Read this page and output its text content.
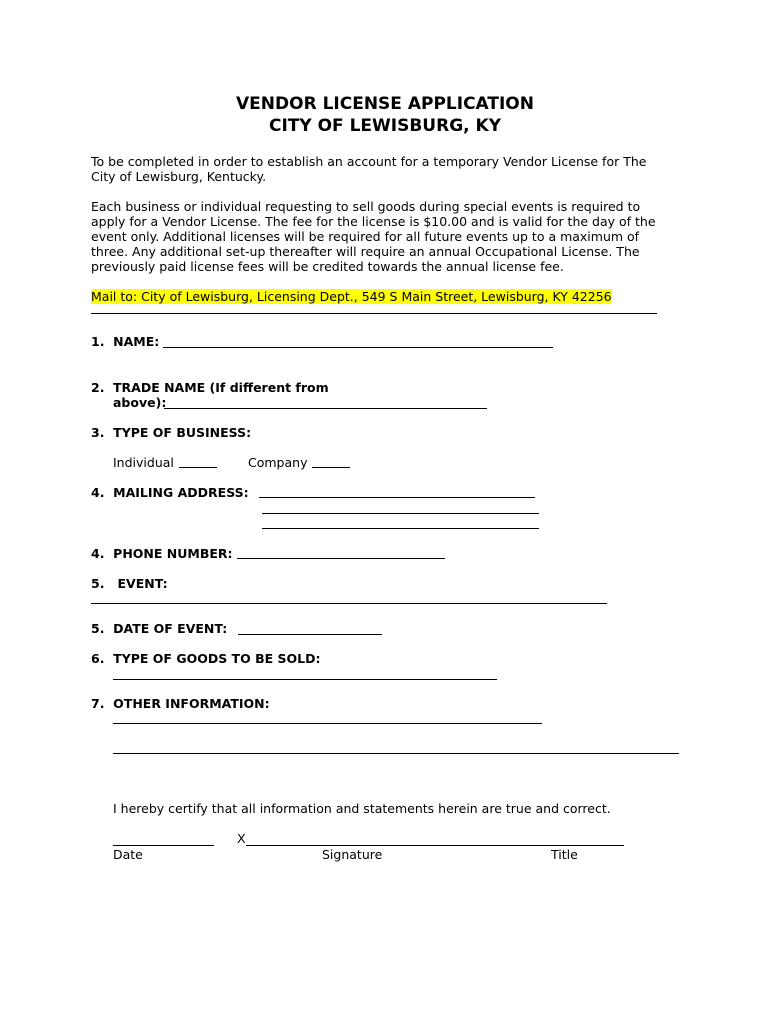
VENDOR LICENSE APPLICATION
CITY OF LEWISBURG, KY
To be completed in order to establish an account for a temporary Vendor License for The City of Lewisburg, Kentucky.
Each business or individual requesting to sell goods during special events is required to apply for a Vendor License. The fee for the license is $10.00 and is valid for the day of the event only. Additional licenses will be required for all future events up to a maximum of three. Any additional set-up thereafter will require an annual Occupational License. The previously paid license fees will be credited towards the annual license fee.
Mail to: City of Lewisburg, Licensing Dept., 549 S Main Street, Lewisburg, KY 42256
1. NAME:
2. TRADE NAME (If different from
above):
3. TYPE OF BUSINESS:
Individual	Company
4. MAILING ADDRESS:
4. PHONE NUMBER:
5. EVENT:
5. DATE OF EVENT:
6. TYPE OF GOODS TO BE SOLD:
7. OTHER INFORMATION:
I hereby certify that all information and statements herein are true and correct.
X
Date	Signature	Title
